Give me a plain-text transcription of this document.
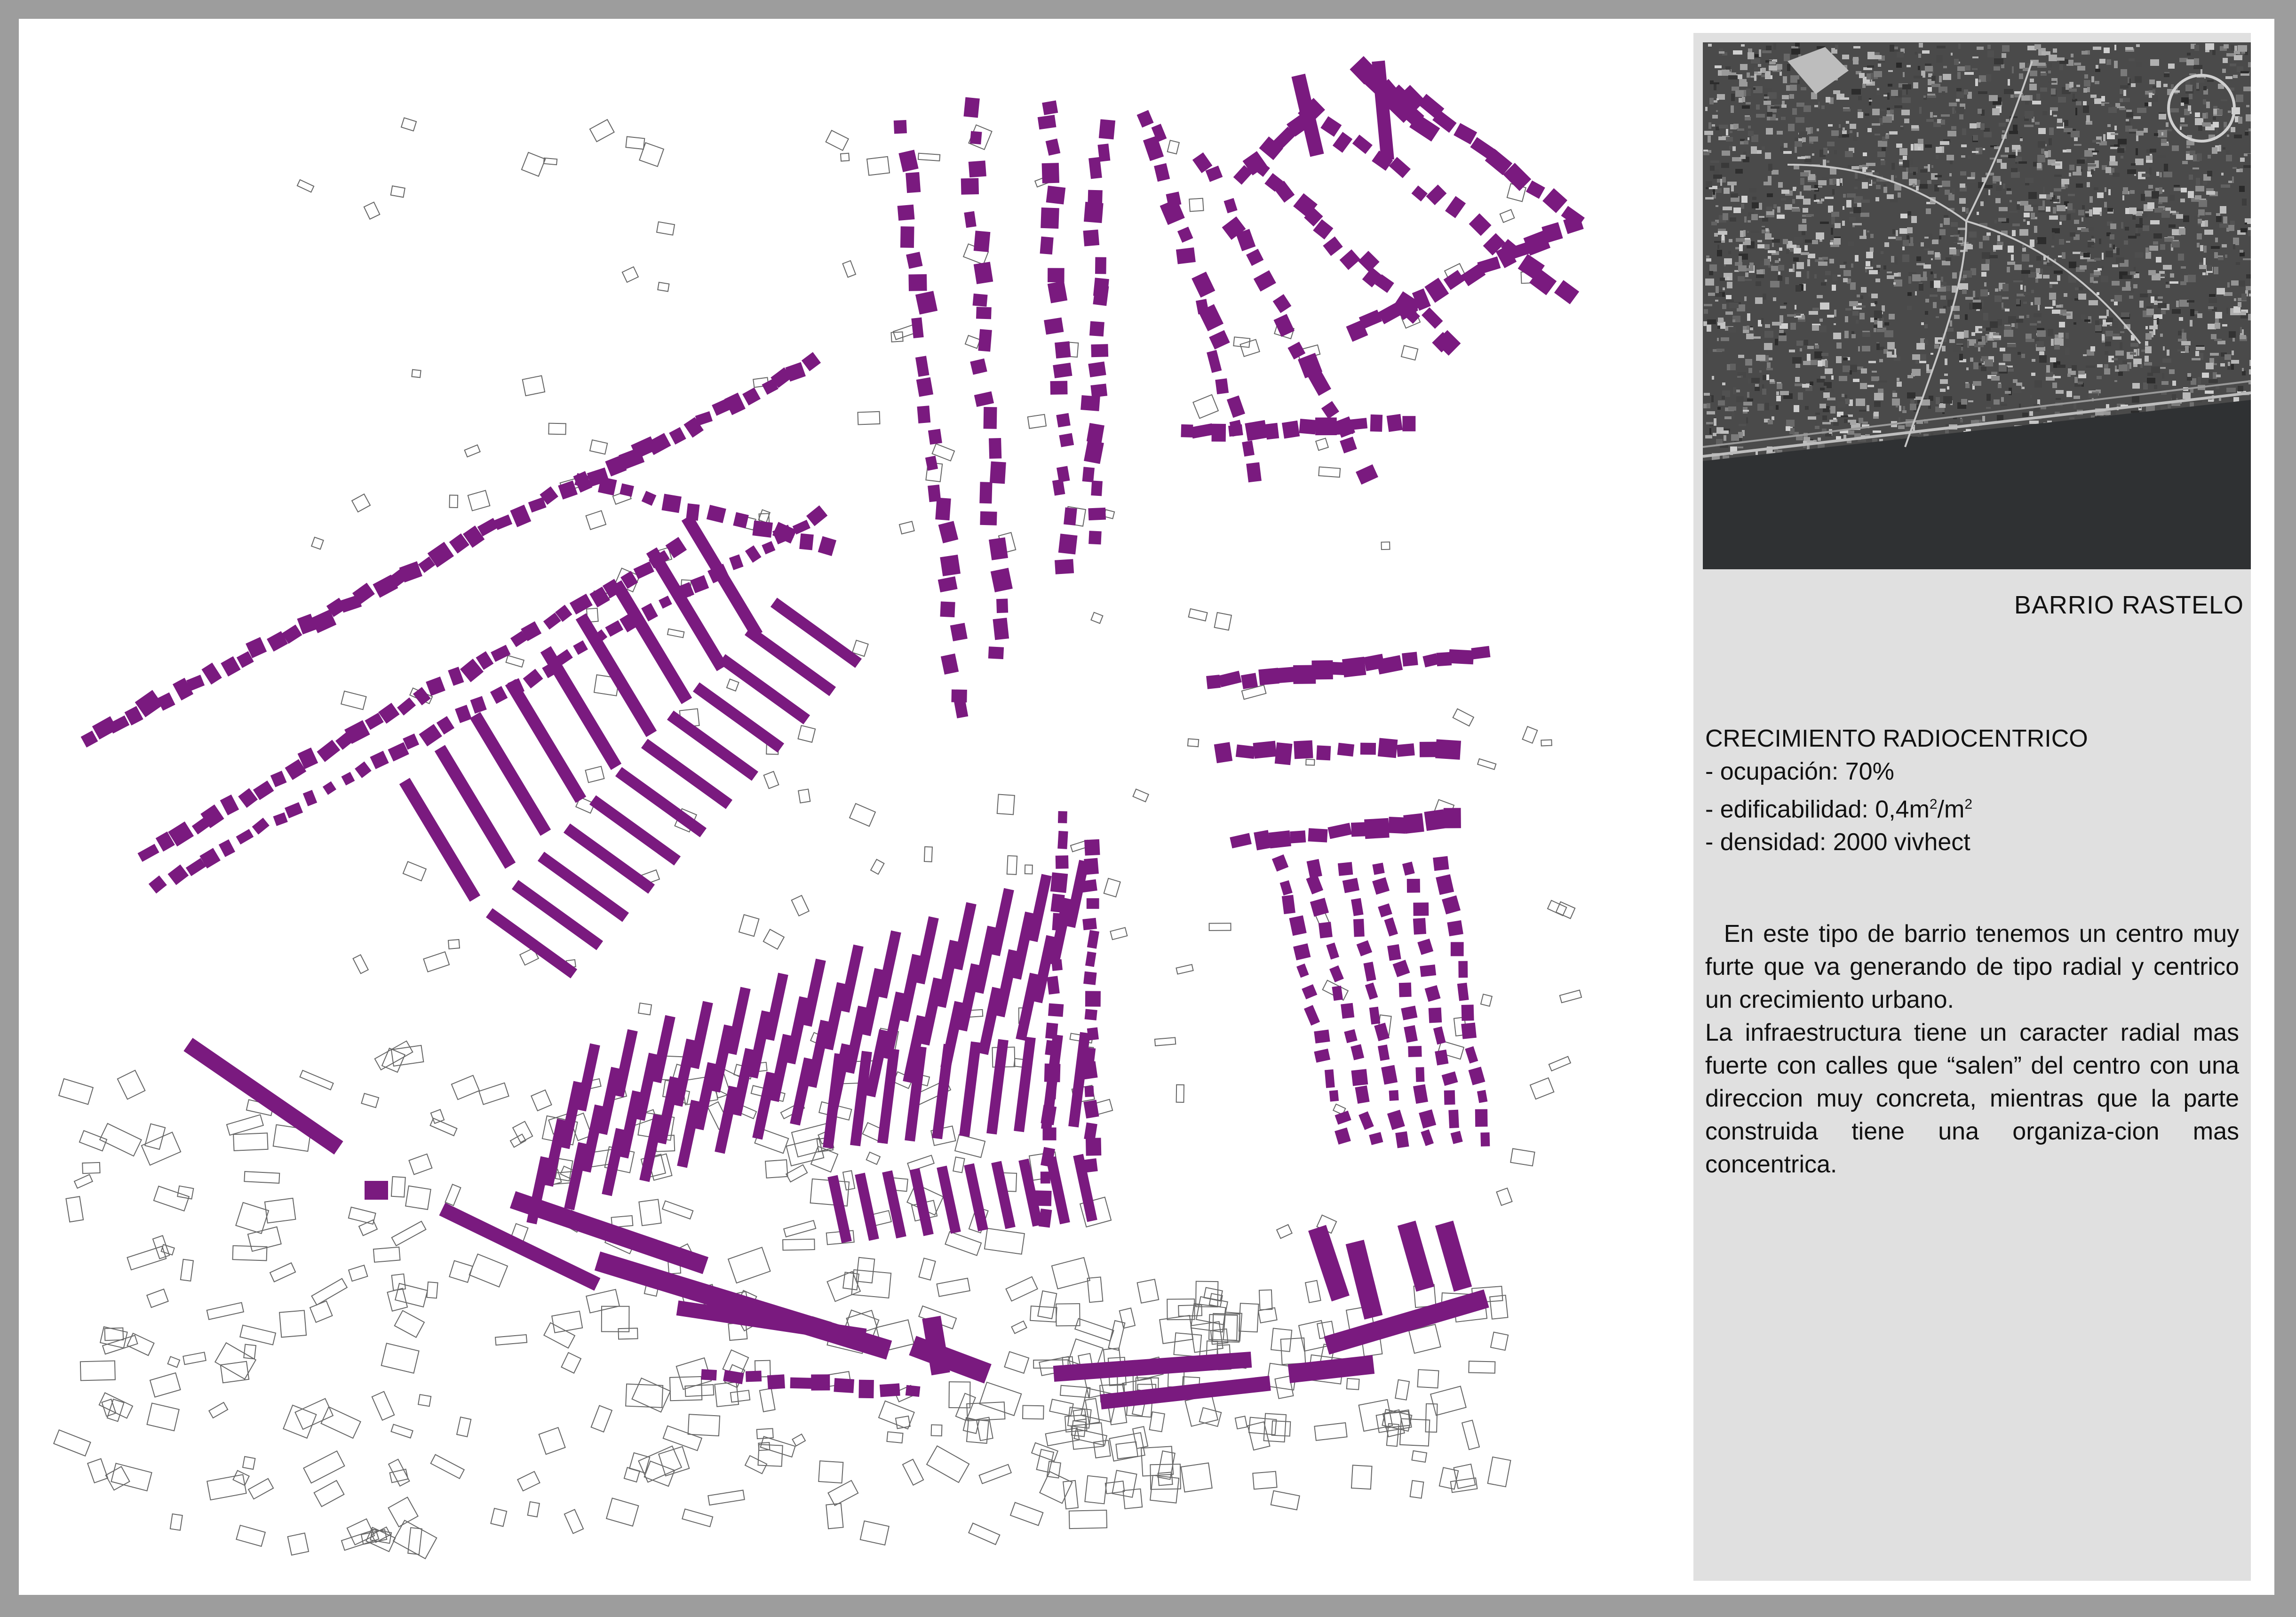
BARRIO RASTELO
CRECIMIENTO RADIOCENTRICO
- ocupación: 70%
- edificabilidad: $0,4m^2/m^2$
- densidad: 2000 vivhect

En este tipo de barrio tenemos un centro muy furte que va generando de tipo radial y centrico un crecimiento urbano.

La infraestructura tiene un caracter radial mas fuerte con calles que “salen” del centro con una direccion muy concreta, mientras que la parte construida tiene una organiza-cion mas concentrica.
